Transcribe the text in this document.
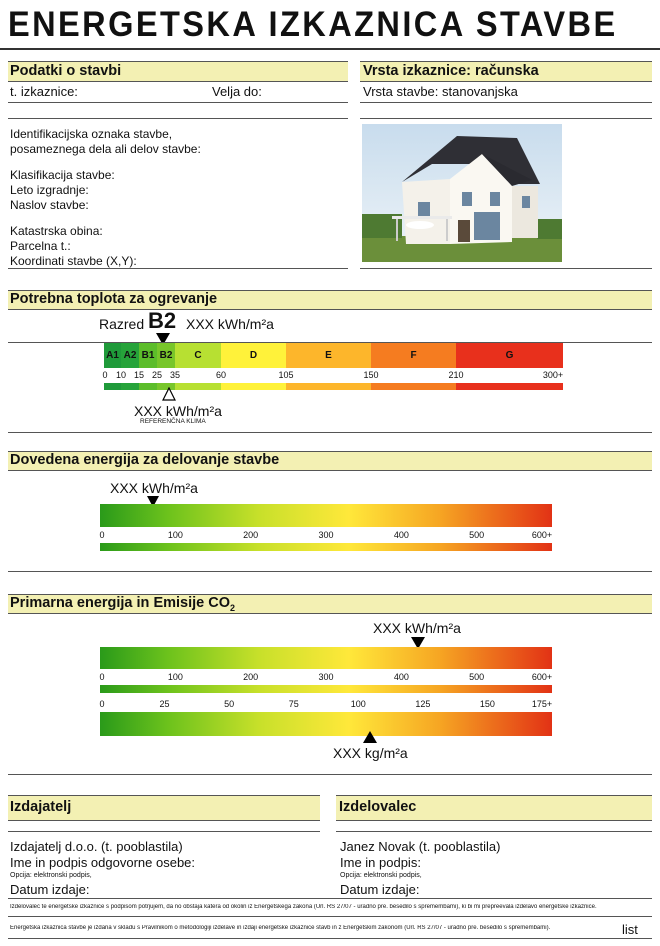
ENERGETSKA IZKAZNICA STAVBE
Podatki o stavbi	Vrsta izkaznice: računska
t. izkaznice:	Velja do:	Vrsta stavbe: stanovanjska
Identifikacijska oznaka stavbe,
posameznega dela ali delov stavbe:
Klasifikacija stavbe:
Leto izgradnje:
Naslov stavbe:
Katastrska obina:
Parcelna t.:
Koordinati stavbe (X,Y):
Potrebna toplota za ogrevanje
Razred B2 XXX kWh/m²a
A1 A2 B1 B2	C	D	E	F	G
0 10 15 25 35	60	105	150	210	300+
XXX kWh/m²a
REFERENČNA KLIMA
Dovedena energija za delovanje stavbe
XXX kWh/m²a
0	100	200	300	400	500	600+
Primarna energija in Emisije $CO_2$
XXX kWh/m²a
0	100	200	300	400	500	600+
0	25	50	75	100	125	150	175+
XXX kg/m²a
Izdajatelj	Izdelovalec
Izdajatelj d.o.o. (t. pooblastila)
Ime in podpis odgovorne osebe:
Opcija: elektronski podpis,
Datum izdaje:
Janez Novak (t. pooblastila)
Ime in podpis:
Opcija: elektronski podpis,
Datum izdaje:
Izdelovalec te energetske izkaznice s podpisom potrjujem, da no obstaja katera od okolin iz Energetskega zakona (Url. RS 27/07 - uradno pre. besedilo s spremembami), ki bi mi prepreevala izdelavo energetske izkaznice.
Energetska izkaznica stavbe je izdana v skladu s Pravilnikom o metodologiji izdelave in izdaji energetske izkaznice stavb in z Energetskim zakonom (Url. RS 27/07 - uradno pre. besedilo s spremembami).	list
